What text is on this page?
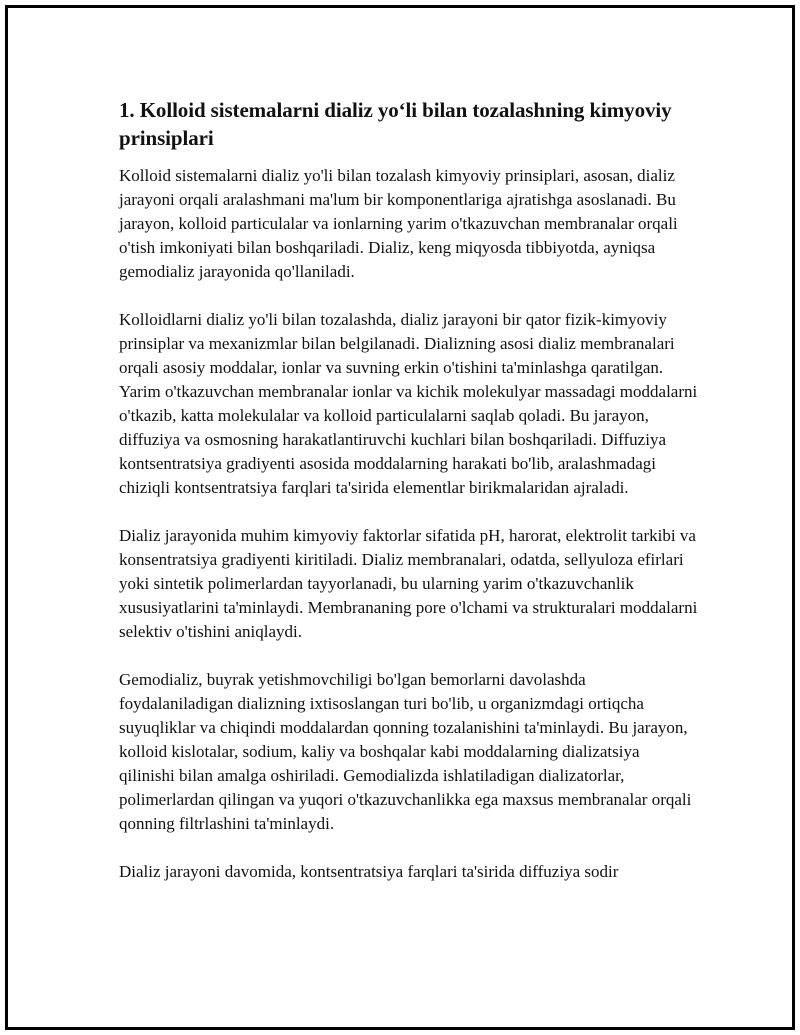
1. Kolloid sistemalarni dializ yo‘li bilan tozalashning kimyoviy prinsiplari

Kolloid sistemalarni dializ yo'li bilan tozalash kimyoviy prinsiplari, asosan, dializ jarayoni orqali aralashmani ma'lum bir komponentlariga ajratishga asoslanadi. Bu jarayon, kolloid particulalar va ionlarning yarim o'tkazuvchan membranalar orqali o'tish imkoniyati bilan boshqariladi. Dializ, keng miqyosda tibbiyotda, ayniqsa gemodializ jarayonida qo'llaniladi.

Kolloidlarni dializ yo'li bilan tozalashda, dializ jarayoni bir qator fizik-kimyoviy prinsiplar va mexanizmlar bilan belgilanadi. Dializning asosi dializ membranalari orqali asosiy moddalar, ionlar va suvning erkin o'tishini ta'minlashga qaratilgan. Yarim o'tkazuvchan membranalar ionlar va kichik molekulyar massadagi moddalarni o'tkazib, katta molekulalar va kolloid particulalarni saqlab qoladi. Bu jarayon, diffuziya va osmosning harakatlantiruvchi kuchlari bilan boshqariladi. Diffuziya kontsentratsiya gradiyenti asosida moddalarning harakati bo'lib, aralashmadagi chiziqli kontsentratsiya farqlari ta'sirida elementlar birikmalaridan ajraladi.

Dializ jarayonida muhim kimyoviy faktorlar sifatida pH, harorat, elektrolit tarkibi va konsentratsiya gradiyenti kiritiladi. Dializ membranalari, odatda, sellyuloza efirlari yoki sintetik polimerlardan tayyorlanadi, bu ularning yarim o'tkazuvchanlik xususiyatlarini ta'minlaydi. Membrananing pore o'lchami va strukturalari moddalarni selektiv o'tishini aniqlaydi.

Gemodializ, buyrak yetishmovchiligi bo'lgan bemorlarni davolashda foydalaniladigan dializning ixtisoslangan turi bo'lib, u organizmdagi ortiqcha suyuqliklar va chiqindi moddalardan qonning tozalanishini ta'minlaydi. Bu jarayon, kolloid kislotalar, sodium, kaliy va boshqalar kabi moddalarning dializatsiya qilinishi bilan amalga oshiriladi. Gemodializda ishlatiladigan dializatorlar, polimerlardan qilingan va yuqori o'tkazuvchanlikka ega maxsus membranalar orqali qonning filtrlashini ta'minlaydi.

Dializ jarayoni davomida, kontsentratsiya farqlari ta'sirida diffuziya sodir
